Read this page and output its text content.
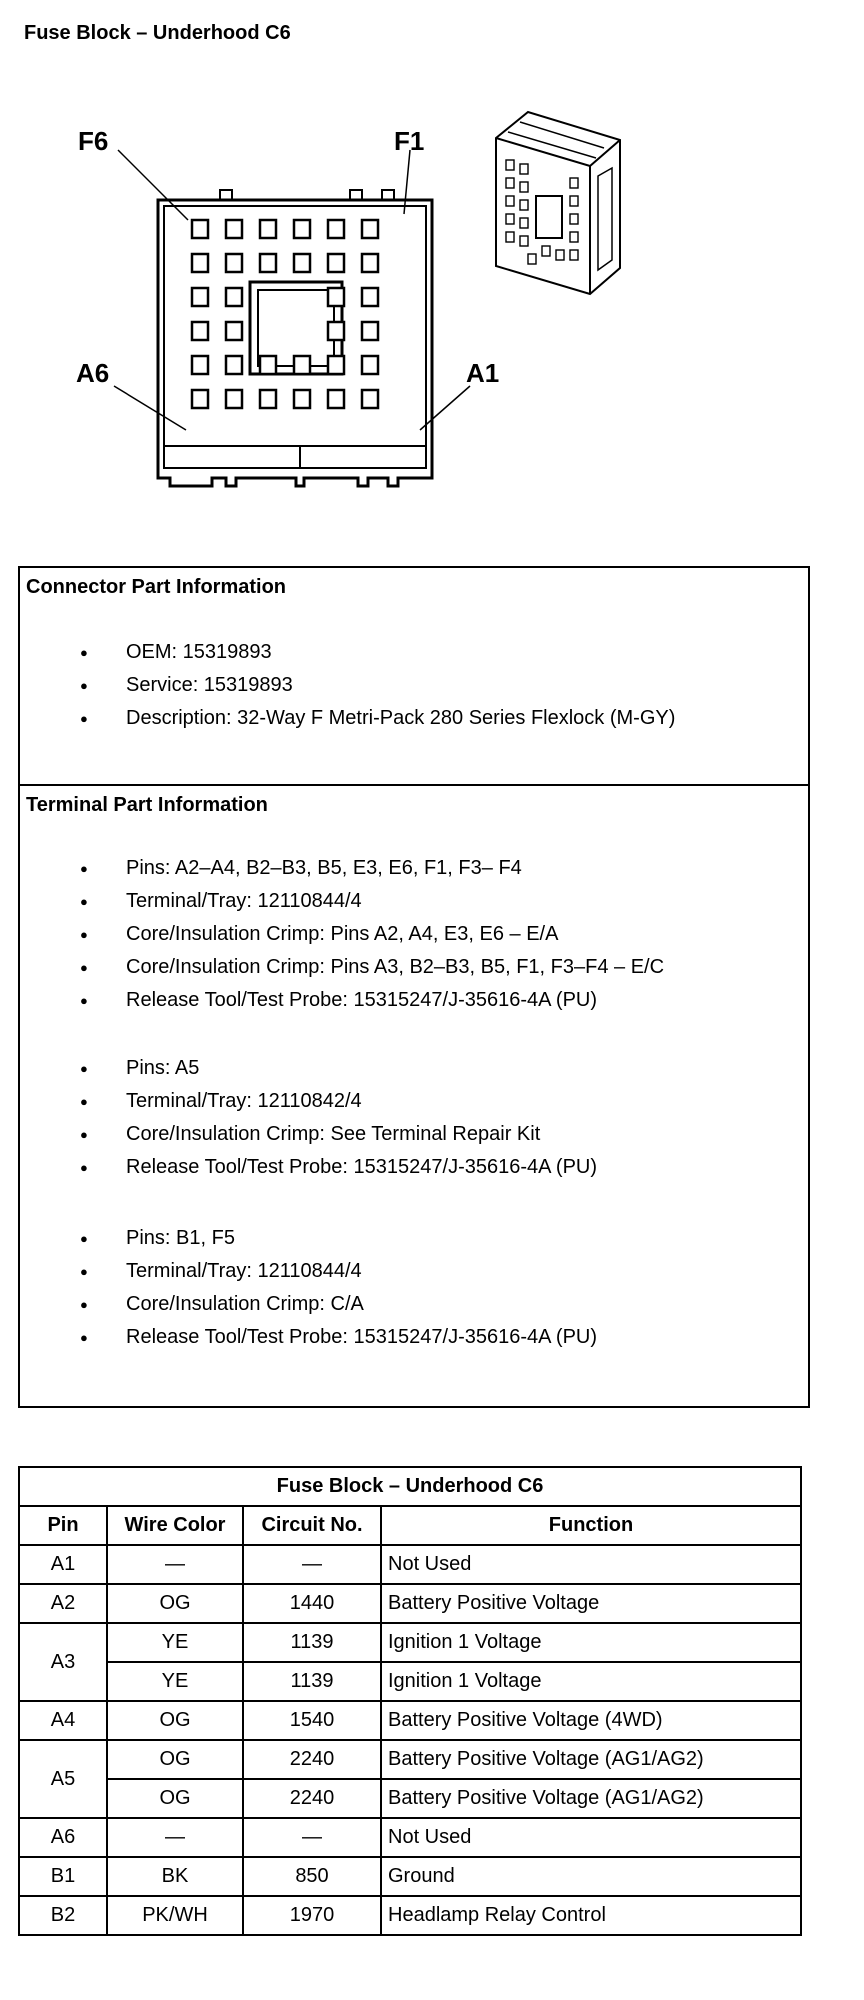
Fuse Block – Underhood C6
F6	F1
A6	A1
Connector Part Information
● OEM: 15319893
● Service: 15319893
● Description: 32-Way F Metri-Pack 280 Series Flexlock (M-GY)
Terminal Part Information
● Pins: A2–A4, B2–B3, B5, E3, E6, F1, F3– F4
● Terminal/Tray: 12110844/4
● Core/Insulation Crimp: Pins A2, A4, E3, E6 – E/A
● Core/Insulation Crimp: Pins A3, B2–B3, B5, F1, F3–F4 – E/C
● Release Tool/Test Probe: 15315247/J-35616-4A (PU)
● Pins: A5
● Terminal/Tray: 12110842/4
● Core/Insulation Crimp: See Terminal Repair Kit
● Release Tool/Test Probe: 15315247/J-35616-4A (PU)
● Pins: B1, F5
● Terminal/Tray: 12110844/4
● Core/Insulation Crimp: C/A
● Release Tool/Test Probe: 15315247/J-35616-4A (PU)
Fuse Block – Underhood C6			
Pin	Wire Color	Circuit No.	Function
A1	—	—	Not Used
A2	OG	1440	Battery Positive Voltage
A3	YE	1139	Ignition 1 Voltage
	YE	1139	Ignition 1 Voltage
A4	OG	1540	Battery Positive Voltage (4WD)
A5	OG	2240	Battery Positive Voltage (AG1/AG2)
	OG	2240	Battery Positive Voltage (AG1/AG2)
A6	—	—	Not Used
B1	BK	850	Ground
B2	PK/WH	1970	Headlamp Relay Control
